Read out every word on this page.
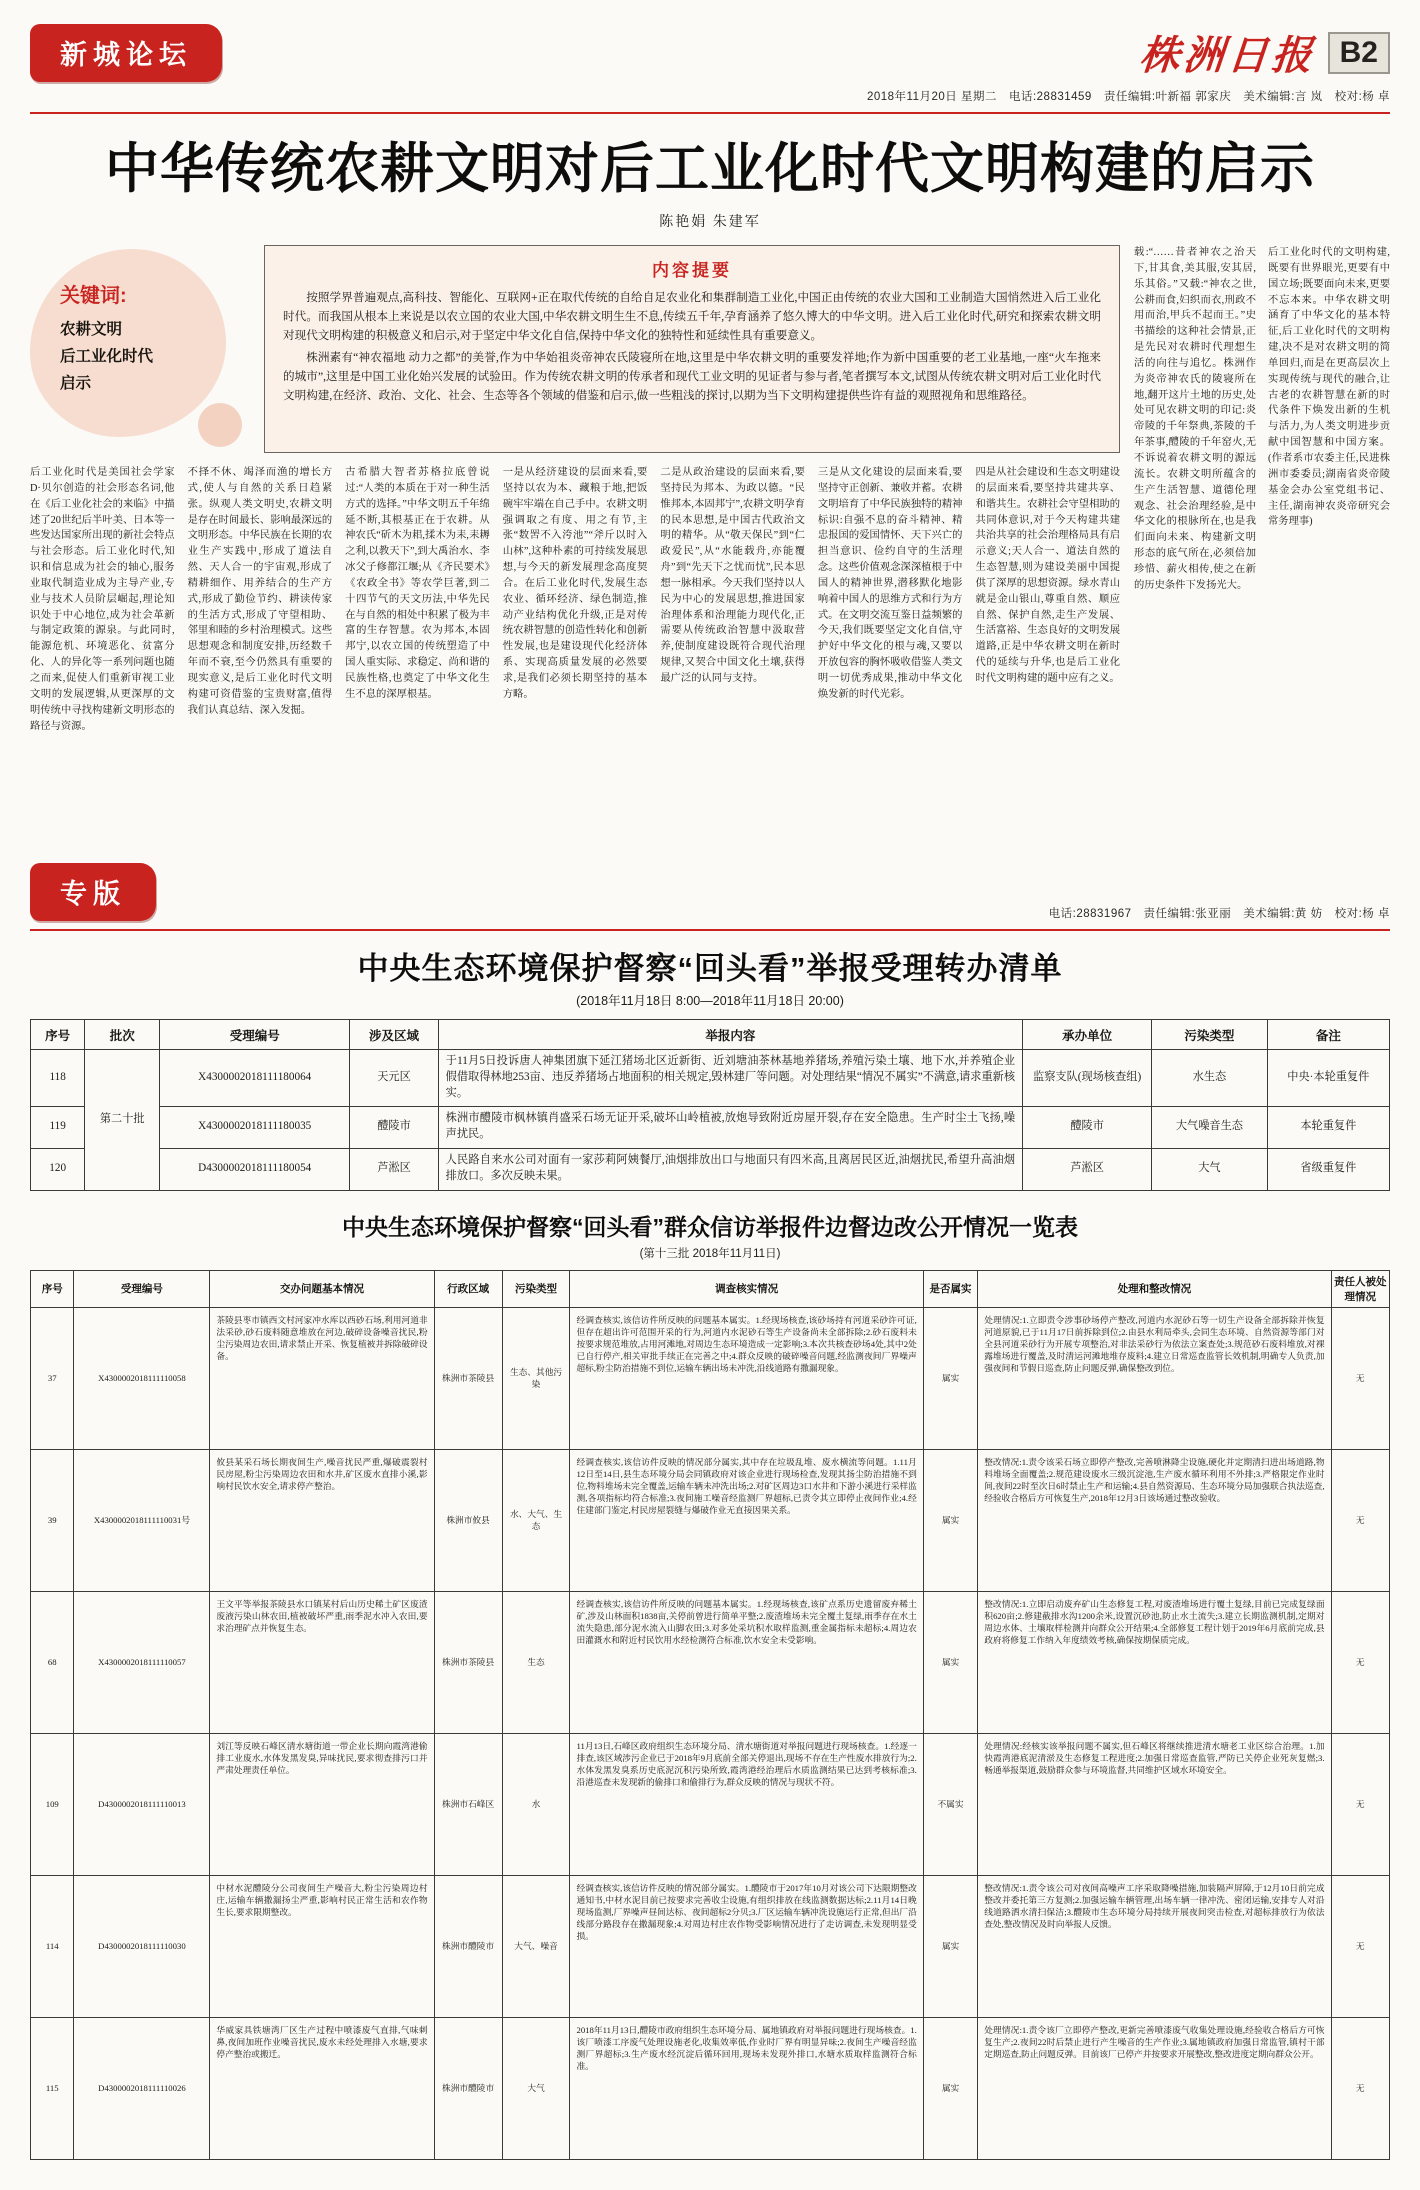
新城论坛	株洲日报 B2
2018年11月20日 星期二　电话:28831459　责任编辑:叶新福 郭家庆　美术编辑:言 岚　校对:杨 卓
中华传统农耕文明对后工业化时代文明构建的启示
陈艳娟 朱建军
关键词:
农耕文明
后工业化时代
启示
内容提要

按照学界普遍观点,高科技、智能化、互联网+正在取代传统的自给自足农业化和集群制造工业化,中国正由传统的农业大国和工业制造大国悄然进入后工业化时代。而我国从根本上来说是以农立国的农业大国,中华农耕文明生生不息,传续五千年,孕育涵养了悠久博大的中华文明。进入后工业化时代,研究和探索农耕文明对现代文明构建的积极意义和启示,对于坚定中华文化自信,保持中华文化的独特性和延续性具有重要意义。

株洲素有“神农福地 动力之都”的美誉,作为中华始祖炎帝神农氏陵寝所在地,这里是中华农耕文明的重要发祥地;作为新中国重要的老工业基地,一座“火车拖来的城市”,这里是中国工业化始兴发展的试验田。作为传统农耕文明的传承者和现代工业文明的见证者与参与者,笔者撰写本文,试图从传统农耕文明对后工业化时代文明构建,在经济、政治、文化、社会、生态等各个领域的借鉴和启示,做一些粗浅的探讨,以期为当下文明构建提供些许有益的观照视角和思维路径。

后工业化时代是美国社会学家D·贝尔创造的社会形态名词,他在《后工业化社会的来临》中描述了20世纪后半叶美、日本等一些发达国家所出现的新社会特点与社会形态。后工业化时代,知识和信息成为社会的轴心,服务业取代制造业成为主导产业,专业与技术人员阶层崛起,理论知识处于中心地位,成为社会革新与制定政策的源泉。与此同时,能源危机、环境恶化、贫富分化、人的异化等一系列问题也随之而来,促使人们重新审视工业文明的发展逻辑,从更深厚的文明传统中寻找构建新文明形态的路径与资源。
不择不休、竭泽而渔的增长方式,使人与自然的关系日趋紧张。纵观人类文明史,农耕文明是存在时间最长、影响最深远的文明形态。中华民族在长期的农业生产实践中,形成了道法自然、天人合一的宇宙观,形成了精耕细作、用养结合的生产方式,形成了勤俭节约、耕读传家的生活方式,形成了守望相助、邻里和睦的乡村治理模式。这些思想观念和制度安排,历经数千年而不衰,至今仍然具有重要的现实意义,是后工业化时代文明构建可资借鉴的宝贵财富,值得我们认真总结、深入发掘。
古希腊大智者苏格拉底曾说过:“人类的本质在于对一种生活方式的选择。”中华文明五千年绵延不断,其根基正在于农耕。从神农氏“斫木为耜,揉木为耒,耒耨之利,以教天下”,到大禹治水、李冰父子修都江堰;从《齐民要术》《农政全书》等农学巨著,到二十四节气的天文历法,中华先民在与自然的相处中积累了极为丰富的生存智慧。农为邦本,本固邦宁,以农立国的传统塑造了中国人重实际、求稳定、尚和谐的民族性格,也奠定了中华文化生生不息的深厚根基。
一是从经济建设的层面来看,要坚持以农为本、藏粮于地,把饭碗牢牢端在自己手中。农耕文明强调取之有度、用之有节,主张“数罟不入洿池”“斧斤以时入山林”,这种朴素的可持续发展思想,与今天的新发展理念高度契合。在后工业化时代,发展生态农业、循环经济、绿色制造,推动产业结构优化升级,正是对传统农耕智慧的创造性转化和创新性发展,也是建设现代化经济体系、实现高质量发展的必然要求,是我们必须长期坚持的基本方略。
二是从政治建设的层面来看,要坚持民为邦本、为政以德。“民惟邦本,本固邦宁”,农耕文明孕育的民本思想,是中国古代政治文明的精华。从“敬天保民”到“仁政爱民”,从“水能载舟,亦能覆舟”到“先天下之忧而忧”,民本思想一脉相承。今天我们坚持以人民为中心的发展思想,推进国家治理体系和治理能力现代化,正需要从传统政治智慧中汲取营养,使制度建设既符合现代治理规律,又契合中国文化土壤,获得最广泛的认同与支持。
三是从文化建设的层面来看,要坚持守正创新、兼收并蓄。农耕文明培育了中华民族独特的精神标识:自强不息的奋斗精神、精忠报国的爱国情怀、天下兴亡的担当意识、俭约自守的生活理念。这些价值观念深深植根于中国人的精神世界,潜移默化地影响着中国人的思维方式和行为方式。在文明交流互鉴日益频繁的今天,我们既要坚定文化自信,守护好中华文化的根与魂,又要以开放包容的胸怀吸收借鉴人类文明一切优秀成果,推动中华文化焕发新的时代光彩。
四是从社会建设和生态文明建设的层面来看,要坚持共建共享、和谐共生。农耕社会守望相助的共同体意识,对于今天构建共建共治共享的社会治理格局具有启示意义;天人合一、道法自然的生态智慧,则为建设美丽中国提供了深厚的思想资源。绿水青山就是金山银山,尊重自然、顺应自然、保护自然,走生产发展、生活富裕、生态良好的文明发展道路,正是中华农耕文明在新时代的延续与升华,也是后工业化时代文明构建的题中应有之义。
载:“……昔者神农之治天下,甘其食,美其服,安其居,乐其俗。”又载:“神农之世,公耕而食,妇织而衣,刑政不用而治,甲兵不起而王。”史书描绘的这种社会情景,正是先民对农耕时代理想生活的向往与追忆。株洲作为炎帝神农氏的陵寝所在地,翻开这片土地的历史,处处可见农耕文明的印记:炎帝陵的千年祭典,茶陵的千年茶事,醴陵的千年窑火,无不诉说着农耕文明的源远流长。农耕文明所蕴含的生产生活智慧、道德伦理观念、社会治理经验,是中华文化的根脉所在,也是我们面向未来、构建新文明形态的底气所在,必须倍加珍惜、薪火相传,使之在新的历史条件下发扬光大。
后工业化时代的文明构建,既要有世界眼光,更要有中国立场;既要面向未来,更要不忘本来。中华农耕文明涵育了中华文化的基本特征,后工业化时代的文明构建,决不是对农耕文明的简单回归,而是在更高层次上实现传统与现代的融合,让古老的农耕智慧在新的时代条件下焕发出新的生机与活力,为人类文明进步贡献中国智慧和中国方案。(作者系市农委主任,民进株洲市委委员;湖南省炎帝陵基金会办公室党组书记、主任,湖南神农炎帝研究会常务理事)
专版
电话:28831967　责任编辑:张亚丽　美术编辑:黄 妨　校对:杨 卓
中央生态环境保护督察“回头看”举报受理转办清单
(2018年11月18日 8:00—2018年11月18日 20:00)
序号	批次	受理编号	涉及区域	举报内容	承办单位	污染类型	备注
118	第二十批	X4300002018111180064	天元区	于11月5日投诉唐人神集团旗下延江猪场北区近新街、近刘塘油茶林基地养猪场,养殖污染土壤、地下水,并养殖企业假借取得林地253亩、违反养猪场占地面积的相关规定,毁林建厂等问题。对处理结果“情况不属实”不满意,请求重新核实。	监察支队(现场核查组)	水生态	中央·本轮重复件
119		X4300002018111180035	醴陵市	株洲市醴陵市枫林镇肖盛采石场无证开采,破坏山岭植被,放炮导致附近房屋开裂,存在安全隐患。生产时尘土飞扬,噪声扰民。	醴陵市	大气噪音生态	本轮重复件
120		D4300002018111180054	芦淞区	人民路自来水公司对面有一家莎莉阿姨餐厅,油烟排放出口与地面只有四米高,且离居民区近,油烟扰民,希望升高油烟排放口。多次反映未果。	芦淞区	大气	省级重复件
中央生态环境保护督察“回头看”群众信访举报件边督边改公开情况一览表
(第十三批 2018年11月11日)
序号	受理编号	交办问题基本情况	行政区域	污染类型	调查核实情况	是否属实	处理和整改情况	责任人被处理情况
37	X4300002018111110058	茶陵县枣市镇西文村河家冲水库以西砂石场,利用河道非法采砂,砂石废料随意堆放在河边,破碎设备噪音扰民,粉尘污染周边农田,请求禁止开采、恢复植被并拆除破碎设备。	株洲市茶陵县	生态、其他污染	经调查核实,该信访件所反映的问题基本属实。1.经现场核查,该砂场持有河道采砂许可证,但存在超出许可范围开采的行为,河道内水泥砂石等生产设备尚未全部拆除;2.砂石废料未按要求规范堆放,占用河滩地,对周边生态环境造成一定影响;3.本次共核查砂场4处,其中2处已自行停产,相关审批手续正在完善之中;4.群众反映的破碎噪音问题,经监测夜间厂界噪声超标,粉尘防治措施不到位,运输车辆出场未冲洗,沿线道路有撒漏现象。	属实	处理情况:1.立即责令涉事砂场停产整改,河道内水泥砂石等一切生产设备全部拆除并恢复河道原貌,已于11月17日前拆除到位;2.由县水利局牵头,会同生态环境、自然资源等部门对全县河道采砂行为开展专项整治,对非法采砂行为依法立案查处;3.规范砂石废料堆放,对裸露堆场进行覆盖,及时清运河滩地堆存废料;4.建立日常巡查监管长效机制,明确专人负责,加强夜间和节假日巡查,防止问题反弹,确保整改到位。	无
39	X4300002018111110031号	攸县某采石场长期夜间生产,噪音扰民严重,爆破震裂村民房屋,粉尘污染周边农田和水井,矿区废水直排小溪,影响村民饮水安全,请求停产整治。	株洲市攸县	水、大气、生态	经调查核实,该信访件反映的情况部分属实,其中存在垃圾乱堆、废水横流等问题。1.11月12日至14日,县生态环境分局会同镇政府对该企业进行现场检查,发现其扬尘防治措施不到位,物料堆场未完全覆盖,运输车辆未冲洗出场;2.对矿区周边3口水井和下游小溪进行采样监测,各项指标均符合标准;3.夜间施工噪音经监测厂界超标,已责令其立即停止夜间作业;4.经住建部门鉴定,村民房屋裂缝与爆破作业无直接因果关系。	属实	整改情况:1.责令该采石场立即停产整改,完善喷淋降尘设施,硬化并定期清扫进出场道路,物料堆场全面覆盖;2.规范建设废水三级沉淀池,生产废水循环利用不外排;3.严格限定作业时间,夜间22时至次日6时禁止生产和运输;4.县自然资源局、生态环境分局加强联合执法巡查,经验收合格后方可恢复生产,2018年12月3日该场通过整改验收。	无
68	X4300002018111110057	王文平等举报茶陵县水口镇某村后山历史稀土矿区废渣废液污染山林农田,植被破坏严重,雨季泥水冲入农田,要求治理矿点并恢复生态。	株洲市茶陵县	生态	经调查核实,该信访件所反映的问题基本属实。1.经现场核查,该矿点系历史遗留废弃稀土矿,涉及山林面积1838亩,关停前曾进行简单平整;2.废渣堆场未完全覆土复绿,雨季存在水土流失隐患,部分泥水流入山脚农田;3.对多处采坑积水取样监测,重金属指标未超标;4.周边农田灌溉水和附近村民饮用水经检测符合标准,饮水安全未受影响。	属实	整改情况:1.立即启动废弃矿山生态修复工程,对废渣堆场进行覆土复绿,目前已完成复绿面积620亩;2.修建截排水沟1200余米,设置沉砂池,防止水土流失;3.建立长期监测机制,定期对周边水体、土壤取样检测并向群众公开结果;4.全部修复工程计划于2019年6月底前完成,县政府将修复工作纳入年度绩效考核,确保按期保质完成。	无
109	D4300002018111110013	刘江等反映石峰区清水塘街道一带企业长期向霞湾港偷排工业废水,水体发黑发臭,异味扰民,要求彻查排污口并严肃处理责任单位。	株洲市石峰区	水	11月13日,石峰区政府组织生态环境分局、清水塘街道对举报问题进行现场核查。1.经逐一排查,该区域涉污企业已于2018年9月底前全部关停退出,现场不存在生产性废水排放行为;2.水体发黑发臭系历史底泥沉积污染所致,霞湾港经治理后水质监测结果已达到考核标准;3.沿港巡查未发现新的偷排口和偷排行为,群众反映的情况与现状不符。	不属实	处理情况:经核实该举报问题不属实,但石峰区将继续推进清水塘老工业区综合治理。1.加快霞湾港底泥清淤及生态修复工程进度;2.加强日常巡查监管,严防已关停企业死灰复燃;3.畅通举报渠道,鼓励群众参与环境监督,共同维护区域水环境安全。	无
114	D4300002018111110030	中材水泥醴陵分公司夜间生产噪音大,粉尘污染周边村庄,运输车辆撒漏扬尘严重,影响村民正常生活和农作物生长,要求限期整改。	株洲市醴陵市	大气、噪音	经调查核实,该信访件反映的情况部分属实。1.醴陵市于2017年10月对该公司下达限期整改通知书,中材水泥目前已按要求完善收尘设施,有组织排放在线监测数据达标;2.11月14日晚现场监测,厂界噪声昼间达标、夜间超标2分贝;3.厂区运输车辆冲洗设施运行正常,但出厂沿线部分路段存在撒漏现象;4.对周边村庄农作物受影响情况进行了走访调查,未发现明显受损。	属实	整改情况:1.责令该公司对夜间高噪声工序采取降噪措施,加装隔声屏障,于12月10日前完成整改并委托第三方复测;2.加强运输车辆管理,出场车辆一律冲洗、密闭运输,安排专人对沿线道路洒水清扫保洁;3.醴陵市生态环境分局持续开展夜间突击检查,对超标排放行为依法查处,整改情况及时向举报人反馈。	无
115	D4300002018111110026	华威家具铁塘湾厂区生产过程中喷漆废气直排,气味刺鼻,夜间加班作业噪音扰民,废水未经处理排入水塘,要求停产整治或搬迁。	株洲市醴陵市	大气	2018年11月13日,醴陵市政府组织生态环境分局、属地镇政府对举报问题进行现场核查。1.该厂喷漆工序废气处理设施老化,收集效率低,作业时厂界有明显异味;2.夜间生产噪音经监测厂界超标;3.生产废水经沉淀后循环回用,现场未发现外排口,水塘水质取样监测符合标准。	属实	处理情况:1.责令该厂立即停产整改,更新完善喷漆废气收集处理设施,经验收合格后方可恢复生产;2.夜间22时后禁止进行产生噪音的生产作业;3.属地镇政府加强日常监管,镇村干部定期巡查,防止问题反弹。目前该厂已停产并按要求开展整改,整改进度定期向群众公开。	无
